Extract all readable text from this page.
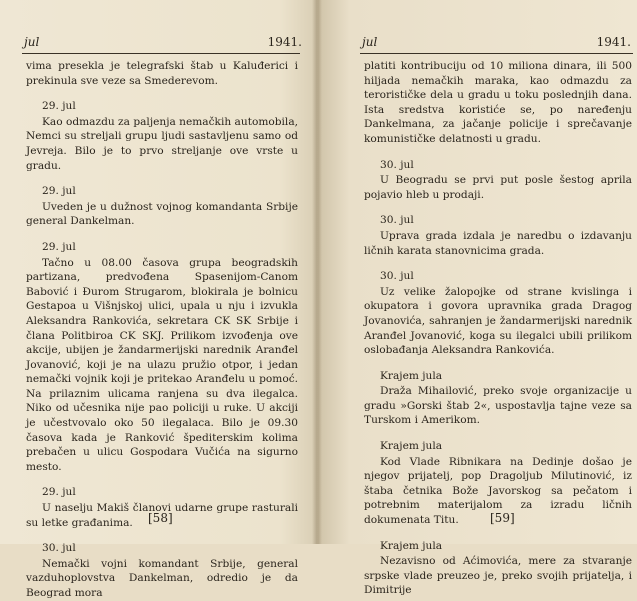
jul	1941.
vima presekla je telegrafski štab u Kaluđerici i prekinula sve veze sa Smederevom.
29. jul
Kao odmazdu za paljenja nemačkih automobila, Nemci su streljali grupu ljudi sastavljenu samo od Jevreja. Bilo je to prvo streljanje ove vrste u gradu.
29. jul
Uveden je u dužnost vojnog komandanta Srbije general Dankelman.
29. jul
Tačno u 08.00 časova grupa beogradskih partizana, predvođena Spasenijom-Canom Babović i Đurom Strugarom, blokirala je bolnicu Gestapoa u Višnjskoj ulici, upala u nju i izvukla Aleksandra Rankovića, sekretara CK SK Srbije i člana Politbiroa CK SKJ. Prilikom izvođenja ove akcije, ubijen je žandarmerijski narednik Aranđel Jovanović, koji je na ulazu pružio otpor, i jedan nemački vojnik koji je pritekao Aranđelu u pomoć. Na prilaznim ulicama ranjena su dva ilegalca. Niko od učesnika nije pao policiji u ruke. U akciji je učestvovalo oko 50 ilegalaca. Bilo je 09.30 časova kada je Ranković špediterskim kolima prebačen u ulicu Gospodara Vučića na sigurno mesto.
29. jul
U naselju Makiš članovi udarne grupe rasturali su letke građanima.
30. jul
Nemački vojni komandant Srbije, general vazduhoplovstva Dankelman, odredio je da Beograd mora
[58]
jul	1941.
platiti kontribuciju od 10 miliona dinara, ili 500 hiljada nemačkih maraka, kao odmazdu za terorističke dela u gradu u toku poslednjih dana. Ista sredstva koristiće se, po naređenju Dankelmana, za jačanje policije i sprečavanje komunističke delatnosti u gradu.
30. jul
U Beogradu se prvi put posle šestog aprila pojavio hleb u prodaji.
30. jul
Uprava grada izdala je naredbu o izdavanju ličnih karata stanovnicima grada.
30. jul
Uz velike žalopojke od strane kvislinga i okupatora i govora upravnika grada Dragog Jovanovića, sahranjen je žandarmerijski narednik Aranđel Jovanović, koga su ilegalci ubili prilikom oslobađanja Aleksandra Rankovića.
Krajem jula
Draža Mihailović, preko svoje organizacije u gradu »Gorski štab 2«, uspostavlja tajne veze sa Turskom i Amerikom.
Krajem jula
Kod Vlade Ribnikara na Dedinje došao je njegov prijatelj, pop Dragoljub Milutinović, iz štaba četnika Bože Javorskog sa pečatom i potrebnim materijalom za izradu ličnih dokumenata Titu.
Krajem jula
Nezavisno od Aćimovića, mere za stvaranje srpske vlade preuzeo je, preko svojih prijatelja, i Dimitrije
[59]
